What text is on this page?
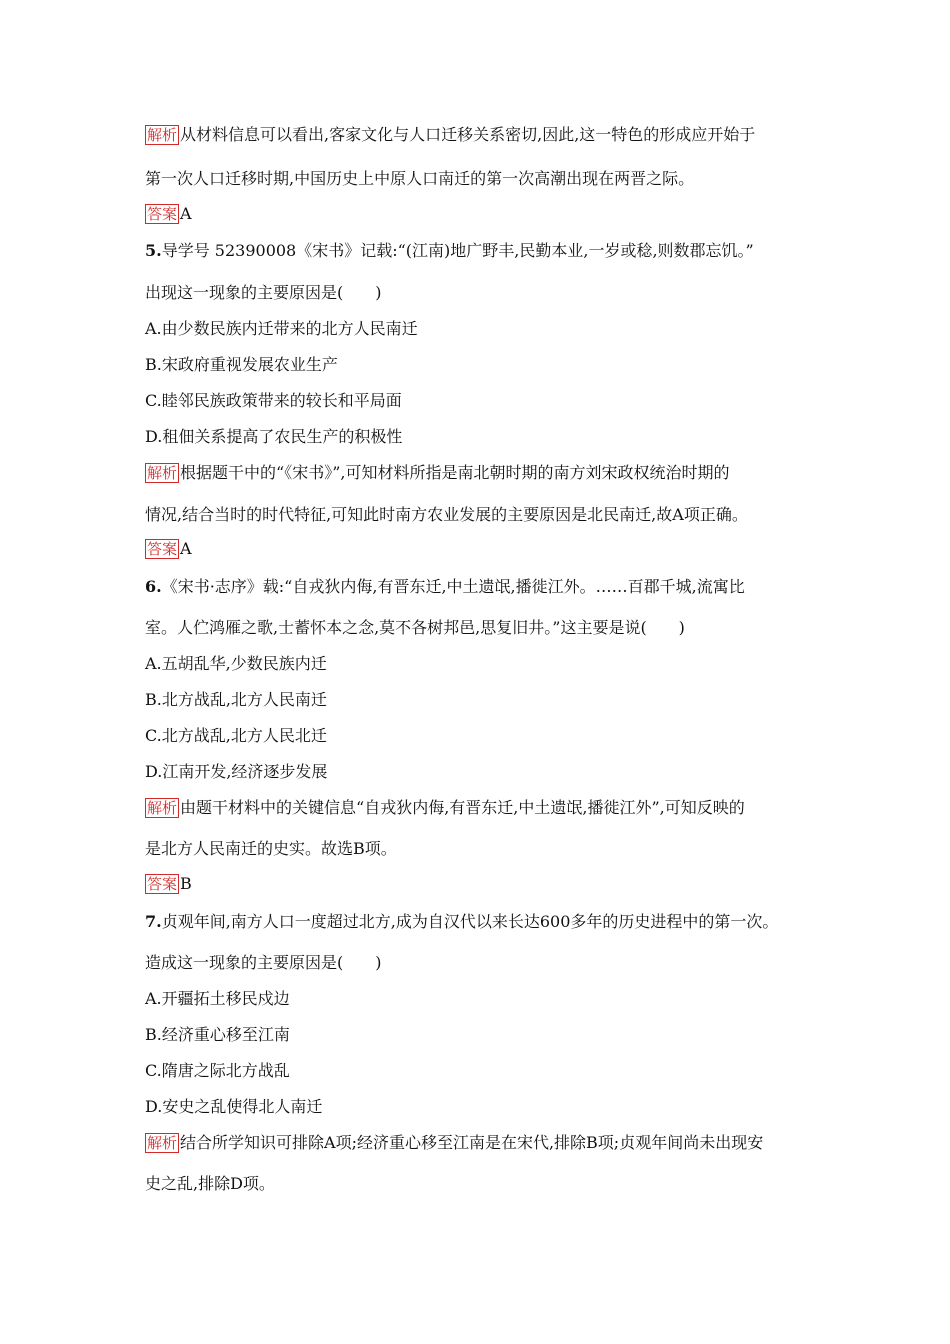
解析 从材料信息可以看出,客家文化与人口迁移关系密切,因此,这一特色的形成应开始于
第一次人口迁移时期,中国历史上中原人口南迁的第一次高潮出现在两晋之际。
答案 A
5.导学号 52390008《宋书》记载:“(江南)地广野丰,民勤本业,一岁或稔,则数郡忘饥。”
出现这一现象的主要原因是(　　)
A.由少数民族内迁带来的北方人民南迁
B.宋政府重视发展农业生产
C.睦邻民族政策带来的较长和平局面
D.租佃关系提高了农民生产的积极性
解析 根据题干中的“《宋书》”,可知材料所指是南北朝时期的南方刘宋政权统治时期的
情况,结合当时的时代特征,可知此时南方农业发展的主要原因是北民南迁,故A项正确。
答案 A
6.《宋书·志序》载:“自戎狄内侮,有晋东迁,中土遗氓,播徙江外。……百郡千城,流寓比
室。人伫鸿雁之歌,士蓄怀本之念,莫不各树邦邑,思复旧井。”这主要是说(　　)
A.五胡乱华,少数民族内迁
B.北方战乱,北方人民南迁
C.北方战乱,北方人民北迁
D.江南开发,经济逐步发展
解析 由题干材料中的关键信息“自戎狄内侮,有晋东迁,中土遗氓,播徙江外”,可知反映的
是北方人民南迁的史实。故选B项。
答案 B
7.贞观年间,南方人口一度超过北方,成为自汉代以来长达600多年的历史进程中的第一次。
造成这一现象的主要原因是(　　)
A.开疆拓土移民戍边
B.经济重心移至江南
C.隋唐之际北方战乱
D.安史之乱使得北人南迁
解析 结合所学知识可排除A项;经济重心移至江南是在宋代,排除B项;贞观年间尚未出现安
史之乱,排除D项。
